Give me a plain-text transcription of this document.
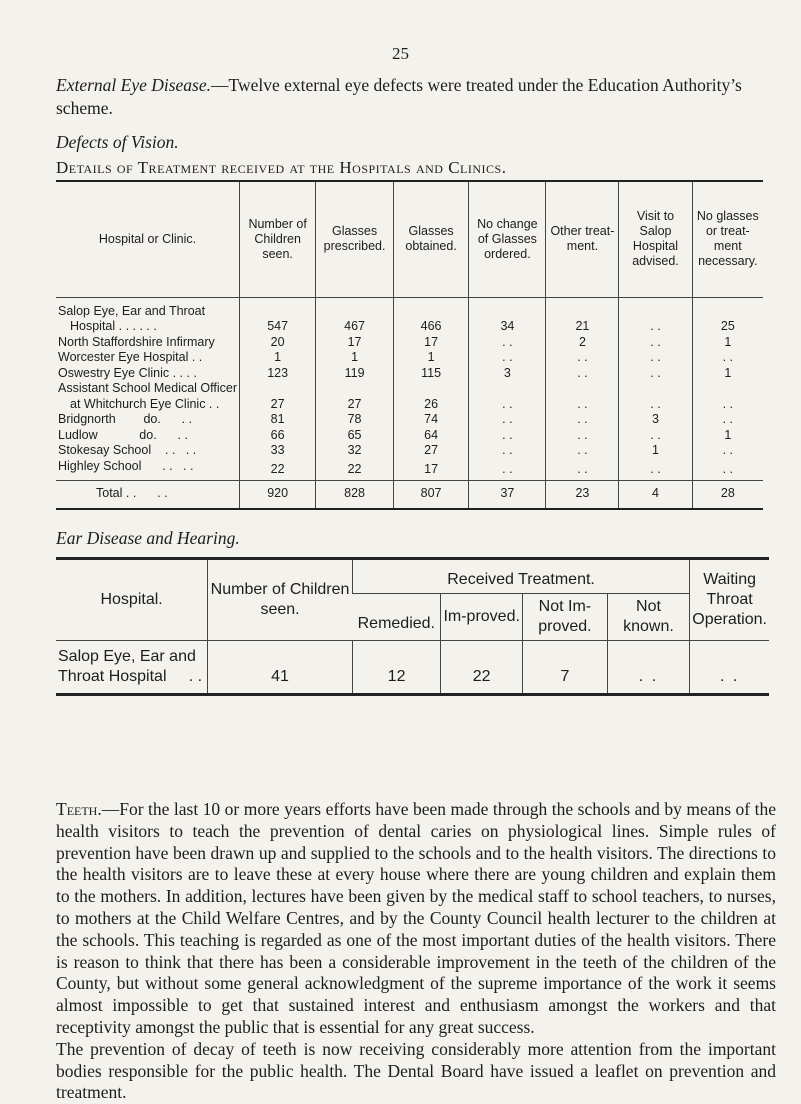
25
External Eye Disease.—Twelve external eye defects were treated under the Education Authority’s scheme.
Defects of Vision.
Details of Treatment received at the Hospitals and Clinics.
Hospital or Clinic.	Number of Children seen.	Glasses prescribed.	Glasses obtained.	No change of Glasses ordered.	Other treat-ment.	Visit to Salop Hospital advised.	No glasses or treat-ment necessary.
Salop Eye, Ear and Throat							
Hospital . . . . . .	547	467	466	34	21	. .	25
North Staffordshire Infirmary	20	17	17	. .	2	. .	1
Worcester Eye Hospital . .	1	1	1	. .	. .	. .	. .
Oswestry Eye Clinic . . . .	123	119	115	3	. .	. .	1
Assistant School Medical Officer							
at Whitchurch Eye Clinic . .	27	27	26	. .	. .	. .	. .
Bridgnorth        do.      . .	81	78	74	. .	. .	3	. .
Ludlow            do.      . .	66	65	64	. .	. .	. .	1
Stokesay School    . .   . .	33	32	27	. .	. .	1	. .
Highley School      . .   . .	22	22	17	. .	. .	. .	. .
Total . .      . .	920	828	807	37	23	4	28
Ear Disease and Hearing.
Hospital.	Number of Children seen.	Received Treatment.				Waiting Throat Operation.
		Remedied.	Im-proved.	Not Im-proved.	Not known.	

Salop Eye, Ear and
Throat Hospital     . .	41	12	22	7	. .	. .

Teeth.—For the last 10 or more years efforts have been made through the schools and by means of the health visitors to teach the prevention of dental caries on physiological lines. Simple rules of prevention have been drawn up and supplied to the schools and to the health visitors. The directions to the health visitors are to leave these at every house where there are young children and explain them to the mothers. In addition, lectures have been given by the medical staff to school teachers, to nurses, to mothers at the Child Welfare Centres, and by the County Council health lecturer to the children at the schools. This teaching is regarded as one of the most important duties of the health visitors. There is reason to think that there has been a considerable improvement in the teeth of the children of the County, but without some general acknowledgment of the supreme importance of the work it seems almost impossible to get that sustained interest and enthusiasm amongst the workers and that receptivity amongst the public that is essential for any great success.

The prevention of decay of teeth is now receiving considerably more attention from the important bodies responsible for the public health. The Dental Board have issued a leaflet on prevention and treatment.
